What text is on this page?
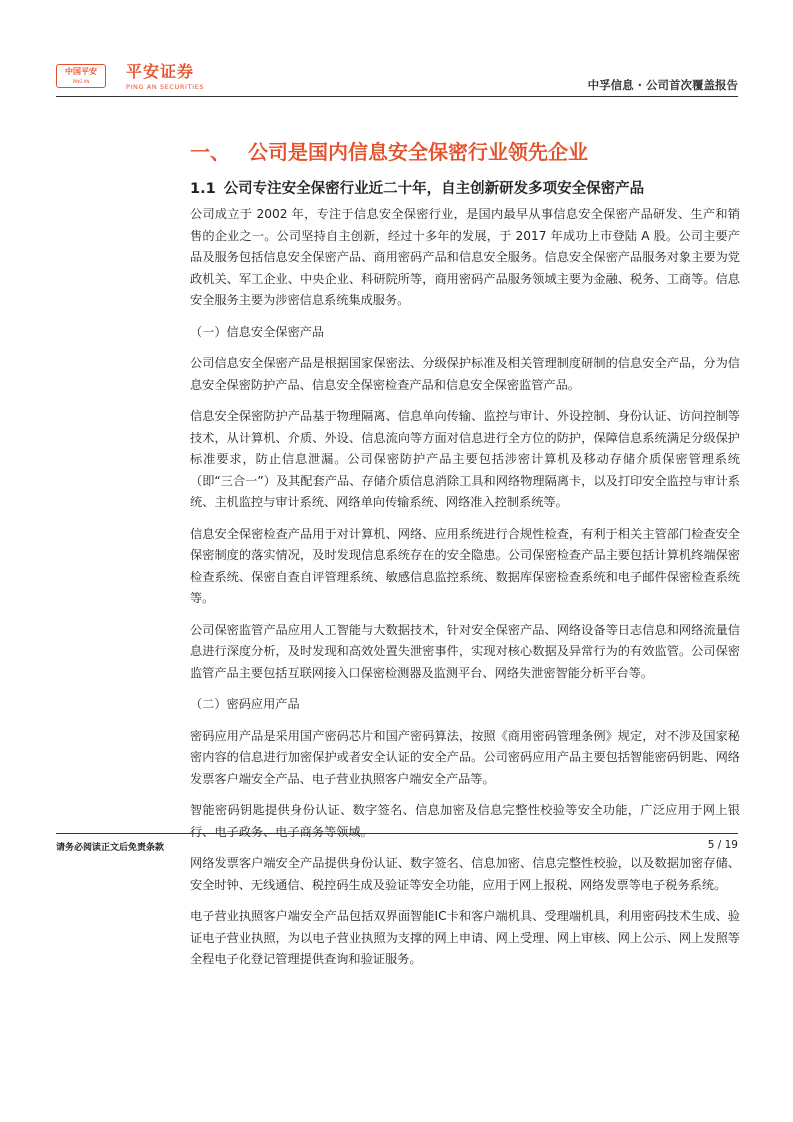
中国平安
PING AN
平安证券
PING AN SECURITIES	中孚信息 · 公司首次覆盖报告
一、 公司是国内信息安全保密行业领先企业
1.1 公司专注安全保密行业近二十年，自主创新研发多项安全保密产品

公司成立于 2002 年，专注于信息安全保密行业，是国内最早从事信息安全保密产品研发、生产和销售的企业之一。公司坚持自主创新，经过十多年的发展，于 2017 年成功上市登陆 A 股。公司主要产品及服务包括信息安全保密产品、商用密码产品和信息安全服务。信息安全保密产品服务对象主要为党政机关、军工企业、中央企业、科研院所等，商用密码产品服务领域主要为金融、税务、工商等。信息安全服务主要为涉密信息系统集成服务。

（一）信息安全保密产品

公司信息安全保密产品是根据国家保密法、分级保护标准及相关管理制度研制的信息安全产品，分为信息安全保密防护产品、信息安全保密检查产品和信息安全保密监管产品。

信息安全保密防护产品基于物理隔离、信息单向传输、监控与审计、外设控制、身份认证、访问控制等技术，从计算机、介质、外设、信息流向等方面对信息进行全方位的防护，保障信息系统满足分级保护标准要求，防止信息泄漏。公司保密防护产品主要包括涉密计算机及移动存储介质保密管理系统（即“三合一”）及其配套产品、存储介质信息消除工具和网络物理隔离卡，以及打印安全监控与审计系统、主机监控与审计系统、网络单向传输系统、网络准入控制系统等。

信息安全保密检查产品用于对计算机、网络、应用系统进行合规性检查，有利于相关主管部门检查安全保密制度的落实情况，及时发现信息系统存在的安全隐患。公司保密检查产品主要包括计算机终端保密检查系统、保密自查自评管理系统、敏感信息监控系统、数据库保密检查系统和电子邮件保密检查系统等。

公司保密监管产品应用人工智能与大数据技术，针对安全保密产品、网络设备等日志信息和网络流量信息进行深度分析，及时发现和高效处置失泄密事件，实现对核心数据及异常行为的有效监管。公司保密监管产品主要包括互联网接入口保密检测器及监测平台、网络失泄密智能分析平台等。

（二）密码应用产品

密码应用产品是采用国产密码芯片和国产密码算法，按照《商用密码管理条例》规定，对不涉及国家秘密内容的信息进行加密保护或者安全认证的安全产品。公司密码应用产品主要包括智能密码钥匙、网络发票客户端安全产品、电子营业执照客户端安全产品等。

智能密码钥匙提供身份认证、数字签名、信息加密及信息完整性校验等安全功能，广泛应用于网上银行、电子政务、电子商务等领域。

网络发票客户端安全产品提供身份认证、数字签名、信息加密、信息完整性校验，以及数据加密存储、安全时钟、无线通信、税控码生成及验证等安全功能，应用于网上报税、网络发票等电子税务系统。

电子营业执照客户端安全产品包括双界面智能IC卡和客户端机具、受理端机具，利用密码技术生成、验证电子营业执照，为以电子营业执照为支撑的网上申请、网上受理、网上审核、网上公示、网上发照等全程电子化登记管理提供查询和验证服务。

请务必阅读正文后免责条款	5 / 19
